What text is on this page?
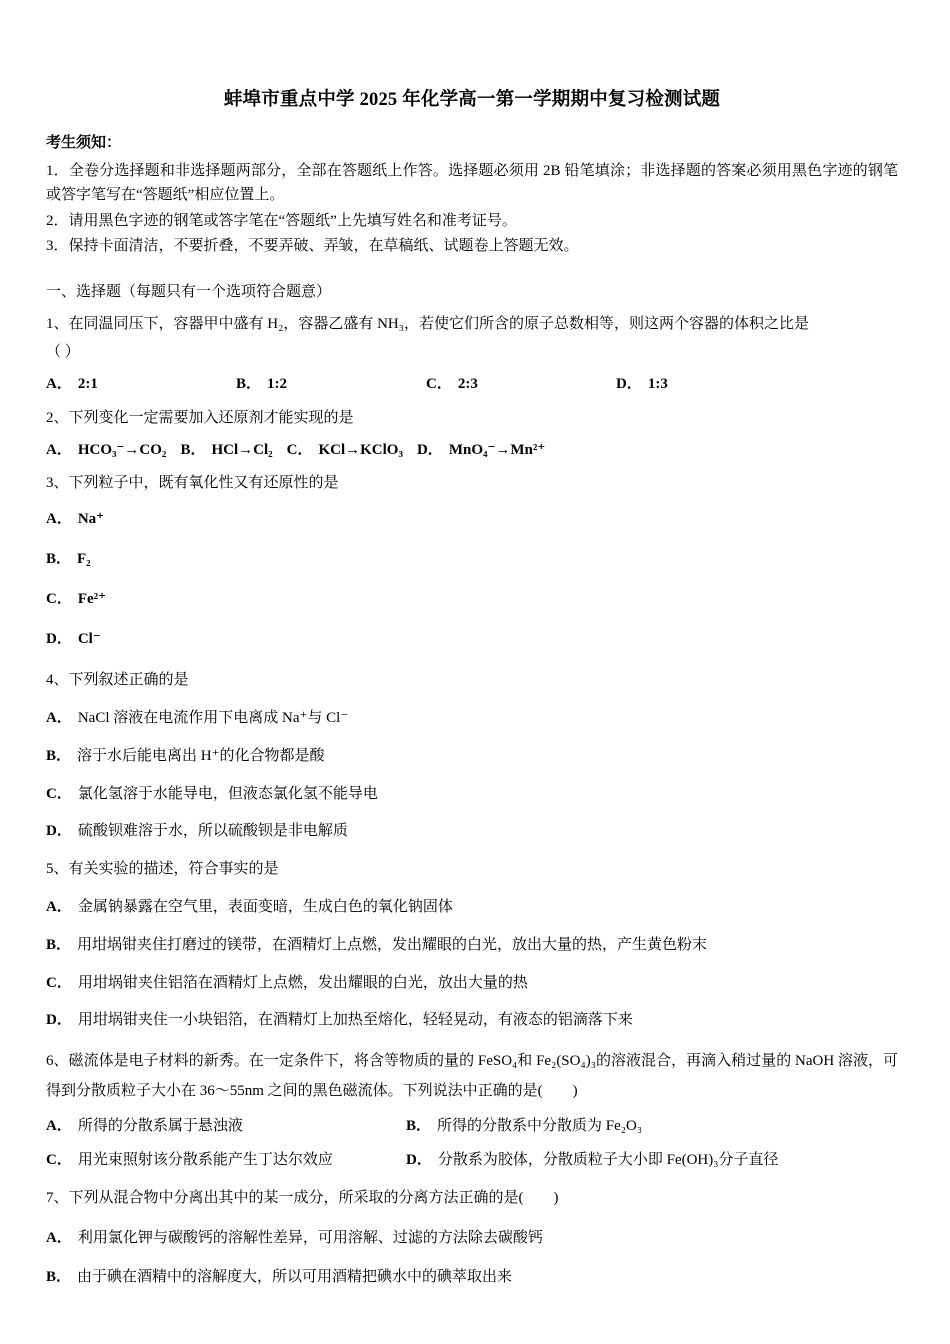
蚌埠市重点中学 2025 年化学高一第一学期期中复习检测试题
考生须知：
1．全卷分选择题和非选择题两部分，全部在答题纸上作答。选择题必须用 2B 铅笔填涂；非选择题的答案必须用黑色字迹的钢笔或答字笔写在“答题纸”相应位置上。
2．请用黑色字迹的钢笔或答字笔在“答题纸”上先填写姓名和准考证号。
3．保持卡面清洁，不要折叠，不要弄破、弄皱，在草稿纸、试题卷上答题无效。
一、选择题（每题只有一个选项符合题意）
1、在同温同压下，容器甲中盛有 H₂，容器乙盛有 NH₃，若使它们所含的原子总数相等，则这两个容器的体积之比是
（ ）
A． 2:1	B． 1:2	C． 2:3	D． 1:3
2、下列变化一定需要加入还原剂才能实现的是
A． HCO₃⁻→CO₂ B． HCl→Cl₂ C． KCl→KClO₃ D． MnO₄⁻→Mn²⁺
3、下列粒子中，既有氧化性又有还原性的是
A． Na⁺
B． F₂
C． Fe²⁺
D． Cl⁻
4、下列叙述正确的是
A． NaCl 溶液在电流作用下电离成 Na⁺与 Cl⁻
B． 溶于水后能电离出 H⁺的化合物都是酸
C． 氯化氢溶于水能导电，但液态氯化氢不能导电
D． 硫酸钡难溶于水，所以硫酸钡是非电解质
5、有关实验的描述，符合事实的是
A． 金属钠暴露在空气里，表面变暗，生成白色的氧化钠固体
B． 用坩埚钳夹住打磨过的镁带，在酒精灯上点燃，发出耀眼的白光，放出大量的热，产生黄色粉末
C． 用坩埚钳夹住铝箔在酒精灯上点燃，发出耀眼的白光，放出大量的热
D． 用坩埚钳夹住一小块铝箔，在酒精灯上加热至熔化，轻轻晃动，有液态的铝滴落下来
6、磁流体是电子材料的新秀。在一定条件下，将含等物质的量的 FeSO₄和 Fe₂(SO₄)₃的溶液混合，再滴入稍过量的 NaOH 溶液，可得到分散质粒子大小在 36～55nm 之间的黑色磁流体。下列说法中正确的是(　　)
A． 所得的分散系属于悬浊液	B． 所得的分散系中分散质为 Fe₂O₃
C． 用光束照射该分散系能产生丁达尔效应	D． 分散系为胶体，分散质粒子大小即 Fe(OH)₃分子直径
7、下列从混合物中分离出其中的某一成分，所采取的分离方法正确的是(　　)
A． 利用氯化钾与碳酸钙的溶解性差异，可用溶解、过滤的方法除去碳酸钙
B． 由于碘在酒精中的溶解度大，所以可用酒精把碘水中的碘萃取出来
